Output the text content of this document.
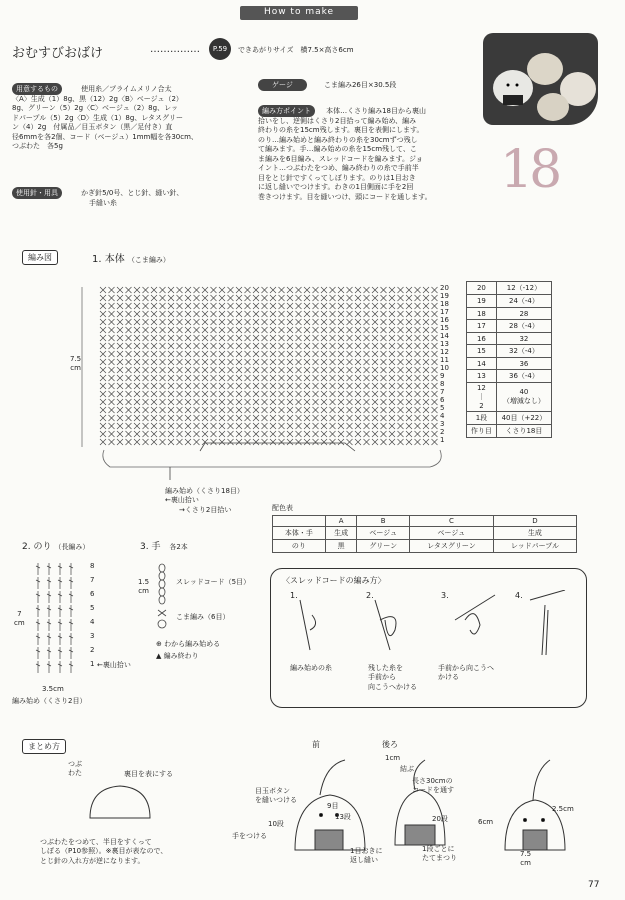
How to make
おむすびおばけ	……………	P.59	できあがりサイズ　横7.5×高さ6cm
18
用意するもの	使用糸／プライムメリノ合太
〈A〉生成（1）8g、黒（12）2g〈B〉ベージュ（2）
8g、グリーン（5）2g〈C〉ベージュ（2）8g、レッ
ドパープル（5）2g〈D〉生成（1）8g、レタスグリー
ン（4）2g　付属品／目玉ボタン（黒／足付き）直
径6mmを各2個、コード（ベージュ）1mm幅を各30cm、
つぶわた　各5g
使用針・用具	かぎ針5/0号、とじ針、縫い針、
手縫い糸
ゲージ	こま編み26目×30.5段
編み方ポイント 本体…くさり編み18目から裏山
拾いをし、逆側はくさり2目拾って編み始め、編み
終わりの糸を15cm残します。裏目を表側にします。
のり…編み始めと編み終わりの糸を30cmずつ残し
て編みます。手…編み始めの糸を15cm残して、こ
ま編みを6目編み、スレッドコードを編みます。ジョ
イント…つぶわたをつめ、編み終わりの糸で手前半
目をとじ針ですくってしぼります。のりは1目おき
に返し縫いでつけます。わきの1目側面に手を2回
巻きつけます。目を縫いつけ、頭にコードを通します。
編み図	1. 本体 （こま編み）
7.5
cm
20
19
18
17
16
15
14
13
12
11
10
9
8
7
6
5
4
3
2
1
編み始め（くさり18目）
←裏山拾い
→くさり2目拾い
20	12（-12）
19	24（-4）
18	28
17	28（-4）
16	32
15	32（-4）
14	36
13	36（-4）
12
｜
2	40
（増減なし）
1段	40目（+22）
作り目	くさり18目
配色表
	A	B	C	D
本体・手	生成	ベージュ	ベージュ	生成
のり	黒	グリーン	レタスグリーン	レッドパープル
2. のり （長編み）
8
7
6
5
4
3
2
1 ←裏山拾い
7
cm
3.5cm
編み始め（くさり2目）
3. 手 各2本
1.5
cm
スレッドコード（5目）
こま編み（6目）
⊕ わから編み始める
▲ 編み終わり
〈スレッドコードの編み方〉
1.	2.	3.	4.
編み始めの糸	残した糸を
手前から
向こうへかける
手前から向こうへ
かける
まとめ方
つぶ
わた	裏目を表にする
つぶわたをつめて、半目をすくって
しぼる（P10参照）。※裏目が表なので、
とじ針の入れ方が逆になります。
前	後ろ
目玉ボタン
を縫いつける
9目
13段
10段
手をつける
1cm
結ぶ
長さ30cmの
コードを通す
20段
1段ごとに
たてまつり
1目おきに
返し縫い
6cm
2.5cm
7.5
cm
77
